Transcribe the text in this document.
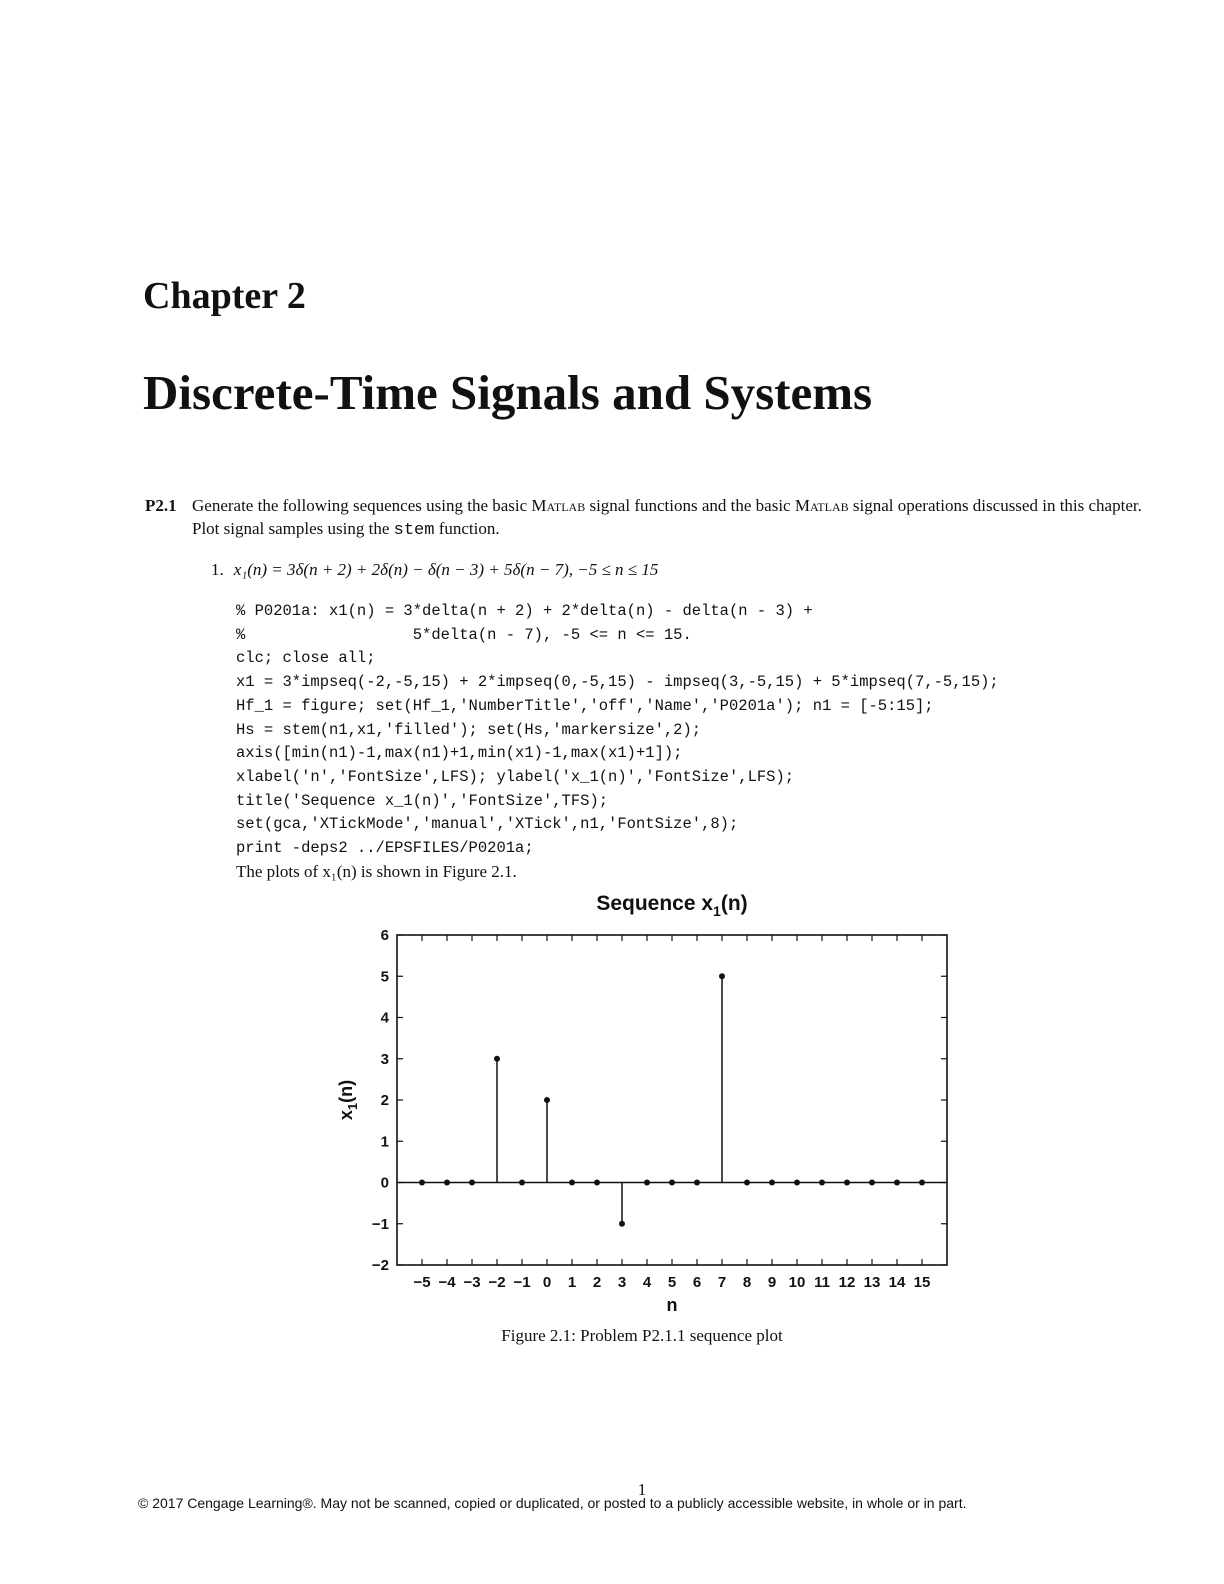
Chapter 2
Discrete-Time Signals and Systems
P2.1 Generate the following sequences using the basic Matlab signal functions and the basic Matlab signal operations discussed in this chapter. Plot signal samples using the stem function.
1. x₁(n) = 3δ(n + 2) + 2δ(n) − δ(n − 3) + 5δ(n − 7), −5 ≤ n ≤ 15
% P0201a: x1(n) = 3*delta(n + 2) + 2*delta(n) - delta(n - 3) +
%                  5*delta(n - 7), -5 <= n <= 15.
clc; close all;
x1 = 3*impseq(-2,-5,15) + 2*impseq(0,-5,15) - impseq(3,-5,15) + 5*impseq(7,-5,15);
Hf_1 = figure; set(Hf_1,'NumberTitle','off','Name','P0201a'); n1 = [-5:15];
Hs = stem(n1,x1,'filled'); set(Hs,'markersize',2);
axis([min(n1)-1,max(n1)+1,min(x1)-1,max(x1)+1]);
xlabel('n','FontSize',LFS); ylabel('x_1(n)','FontSize',LFS);
title('Sequence x_1(n)','FontSize',TFS);
set(gca,'XTickMode','manual','XTick',n1,'FontSize',8);
print -deps2 ../EPSFILES/P0201a;
The plots of x₁(n) is shown in Figure 2.1.
−5 −4 −3 −2 −1 0 1 2 3 4 5 6 7 8 9 10 11 12 13 14 15
−2
−1
0
1
2
3
4
5
6
Sequence $x_1(n)$
n
$x_1(n)$
Figure 2.1: Problem P2.1.1 sequence plot
1
© 2017 Cengage Learning®. May not be scanned, copied or duplicated, or posted to a publicly accessible website, in whole or in part.
